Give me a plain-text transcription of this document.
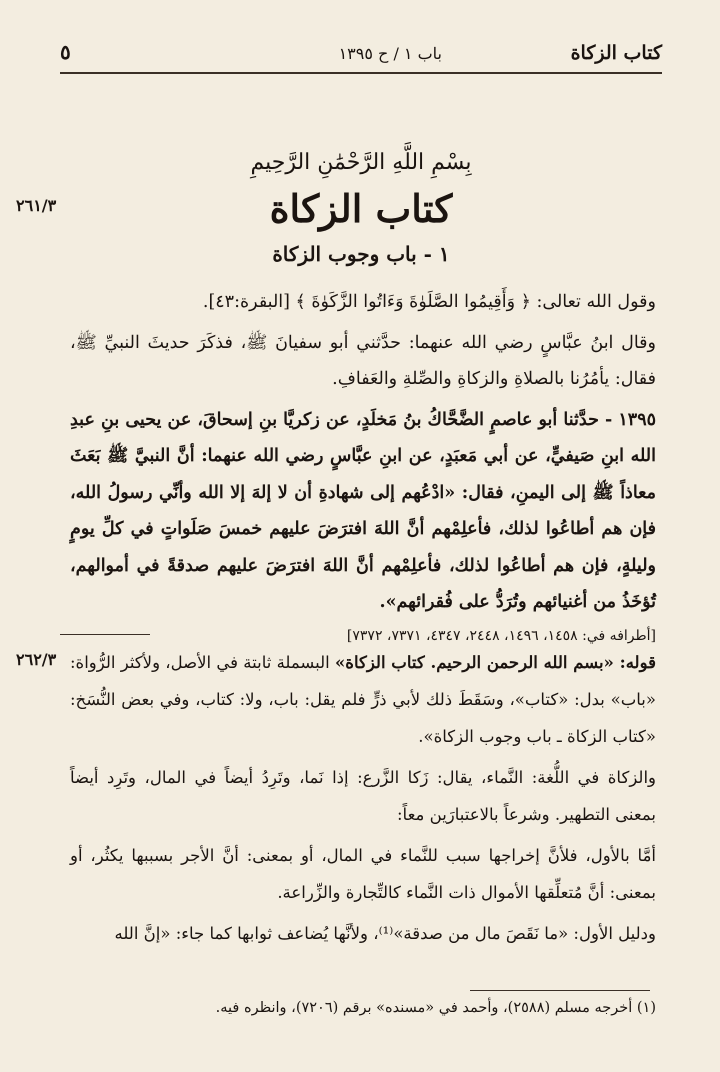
كتاب الزكاة
باب ١ / ح ١٣٩٥
٥
بِسْمِ اللَّهِ الرَّحْمَٰنِ الرَّحِيمِ
كتاب الزكاة
١ - باب وجوب الزكاة
٢٦١/٣
٢٦٢/٣

وقول الله تعالى: ﴿ وَأَقِيمُوا الصَّلَوٰةَ وَءَاتُوا الزَّكَوٰةَ ﴾ [البقرة:٤٣].

وقال ابنُ عبَّاسٍ رضي الله عنهما: حدَّثني أبو سفيانَ ﷺ، فذكَرَ حديثَ النبيِّ ﷺ، فقال: يأمُرُنا بالصلاةِ والزكاةِ والصِّلةِ والعَفافِ.

١٣٩٥ - حدَّثنا أبو عاصمٍ الضَّحَّاكُ بنُ مَخلَدٍ، عن زكريَّا بنِ إسحاقَ، عن يحيى بنِ عبدِ الله ابنِ صَيفيٍّ، عن أبي مَعبَدٍ، عن ابنِ عبَّاسٍ رضي الله عنهما: أنَّ النبيَّ ﷺ بَعَثَ معاذاً ﷺ إلى اليمنِ، فقال: «ادْعُهم إلى شهادةِ أن لا إلهَ إلا الله وأنِّي رسولُ الله، فإن هم أطاعُوا لذلك، فأعلِمْهم أنَّ اللهَ افترَضَ عليهم خمسَ صَلَواتٍ في كلِّ يومٍ وليلةٍ، فإن هم أطاعُوا لذلك، فأعلِمْهم أنَّ اللهَ افترَضَ عليهم صدقةً في أموالهم، تُؤخَذُ من أغنيائهم وتُرَدُّ على فُقرائهم».

[أطرافه في: ١٤٥٨، ١٤٩٦، ٢٤٤٨، ٤٣٤٧، ٧٣٧١، ٧٣٧٢]

قوله: «بسم الله الرحمن الرحيم. كتاب الزكاة» البسملة ثابتة في الأصل، ولأكثر الرُّواة: «باب» بدل: «كتاب»، وسَقَطَ ذلك لأبي ذرٍّ فلم يقل: باب، ولا: كتاب، وفي بعض النُّسَخ: «كتاب الزكاة ـ باب وجوب الزكاة».

والزكاة في اللُّغة: النَّماء، يقال: زَكا الزَّرع: إذا نَما، وتَرِدُ أيضاً في المال، وتَرِد أيضاً بمعنى التطهير. وشرعاً بالاعتبارَين معاً:

أمَّا بالأول، فلأنَّ إخراجها سبب للنَّماء في المال، أو بمعنى: أنَّ الأجر بسببها يكثُر، أو بمعنى: أنَّ مُتعلِّقها الأموال ذات النَّماء كالتِّجارة والزِّراعة.

ودليل الأول: «ما نَقَصَ مال من صدقة»⁽¹⁾، ولأنَّها يُضاعف ثوابها كما جاء: «إنَّ الله

(١) أخرجه مسلم (٢٥٨٨)، وأحمد في «مسنده» برقم (٧٢٠٦)، وانظره فيه.
